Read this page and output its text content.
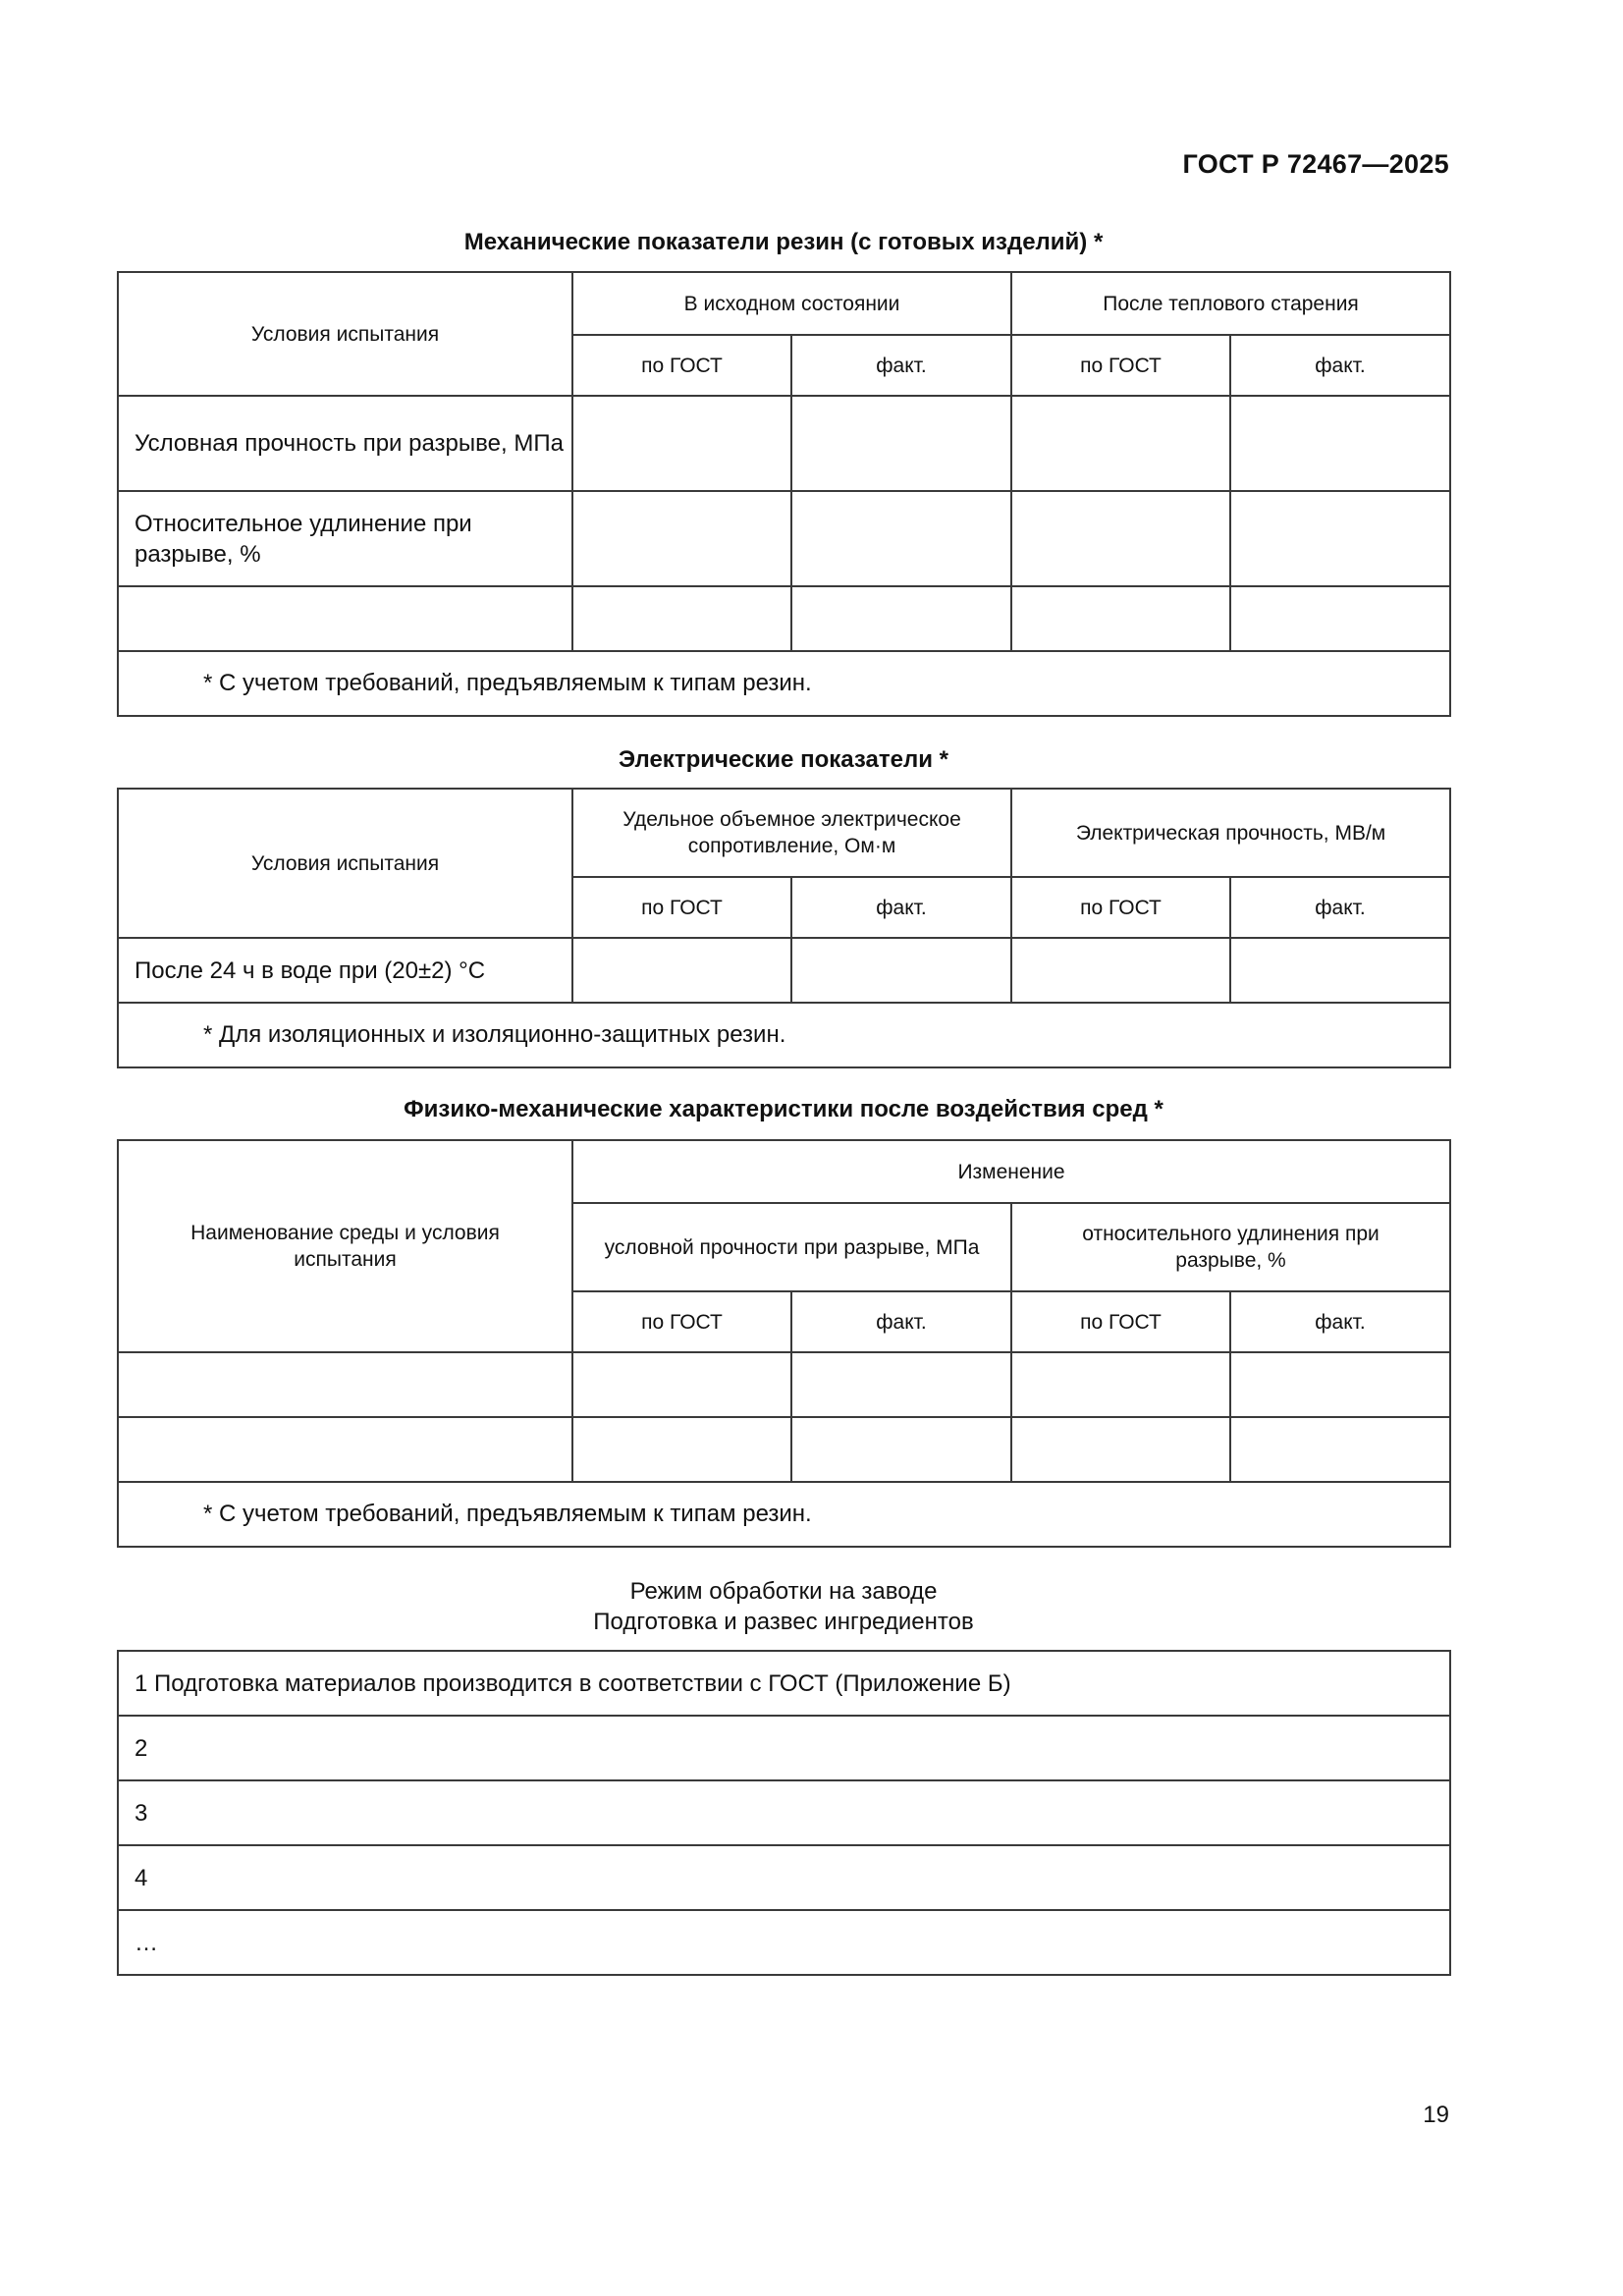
ГОСТ Р 72467—2025
Механические показатели резин (с готовых изделий) *
Условия испытания	В исходном состоянии		После теплового старения	
	по ГОСТ	факт.	по ГОСТ	факт.
Условная прочность при разрыве, МПа				
Относительное удлинение при разрыве, %				

* С учетом требований, предъявляемым к типам резин.				
Электрические показатели *
Условия испытания	Удельное объемное электрическое сопротивление, Ом·м		Электрическая прочность, МВ/м	
	по ГОСТ	факт.	по ГОСТ	факт.
После 24 ч в воде при (20±2) °С				
* Для изоляционных и изоляционно-защитных резин.				
Физико-механические характеристики после воздействия сред *
Наименование среды и условия испытания	Изменение			
	условной прочности при разрыве, МПа		относительного удлинения при разрыве, %	
	по ГОСТ	факт.	по ГОСТ	факт.

* С учетом требований, предъявляемым к типам резин.				
Режим обработки на заводе
Подготовка и развес ингредиентов
1 Подготовка материалов производится в соответствии с ГОСТ (Приложение Б)
2
3
4
…
19
